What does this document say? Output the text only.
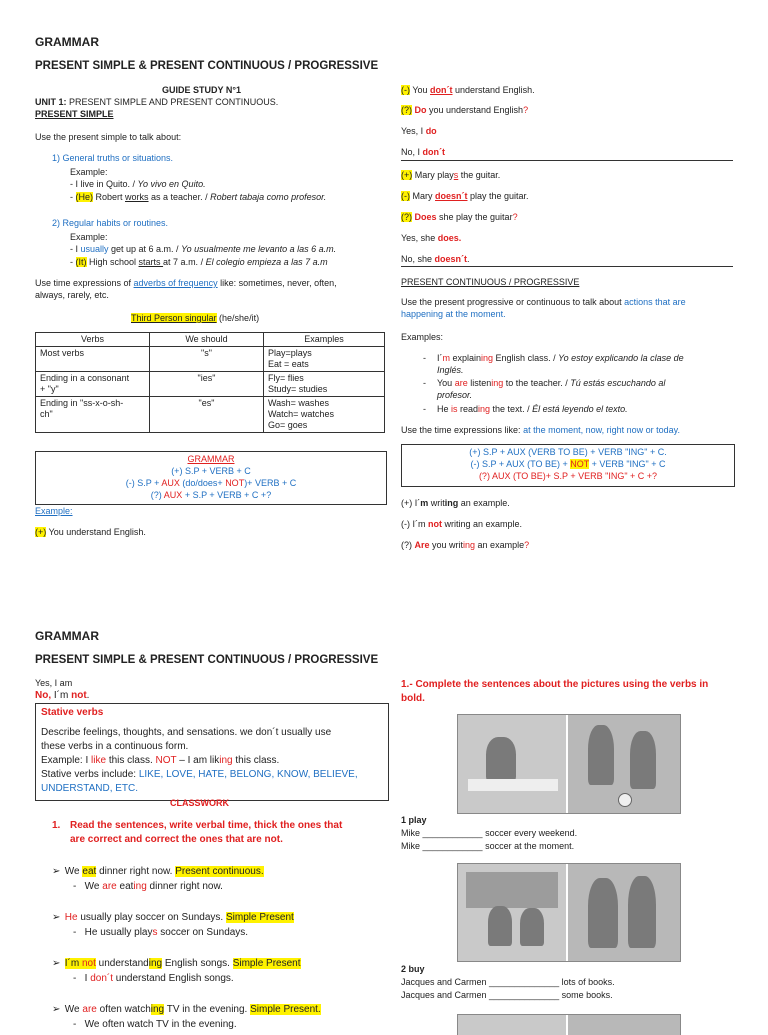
GRAMMAR
PRESENT SIMPLE & PRESENT CONTINUOUS / PROGRESSIVE
GUIDE STUDY N°1
UNIT 1: PRESENT SIMPLE AND PRESENT CONTINUOUS.
PRESENT SIMPLE
Use the present simple to talk about:
1) General truths or situations.
Example:
- I live in Quito. / Yo vivo en Quito.
- (He) Robert works as a teacher. / Robert tabaja como profesor.
2) Regular habits or routines.
Example:
- I usually get up at 6 a.m. / Yo usualmente me levanto a las 6 a.m.
- (It) High school starts at 7 a.m. / El colegio empieza a las 7 a.m
Use time expressions of adverbs of frequency like: sometimes, never, often,
always, rarely, etc.
Third Person singular (he/she/it)
Verbs	We should	Examples
Most verbs	"s"	Play=plays
Eat = eats
Ending in a consonant
+ "y"	"ies"	Fly= flies
Study= studies
Ending in "ss-x-o-sh-
ch"	"es"	Wash= washes
Watch= watches
Go= goes
GRAMMAR
(+) S.P + VERB + C
(-) S.P + AUX (do/does+ NOT)+ VERB + C
(?) AUX + S.P + VERB + C +?
Example:
(+) You understand English.
(-) You don´t understand English.
(?) Do you understand English?
Yes, I do
No, I don´t
(+) Mary plays the guitar.
(-) Mary doesn´t play the guitar.
(?) Does she play the guitar?
Yes, she does.
No, she doesn´t.
PRESENT CONTINUOUS / PROGRESSIVE
Use the present progressive or continuous to talk about actions that are
happening at the moment.
Examples:
- I´m explaining English class. / Yo estoy explicando la clase de
Inglés.
- You are listening to the teacher. / Tú estás escuchando al
profesor.
- He is reading the text. / Él está leyendo el texto.
Use the time expressions like: at the moment, now, right now or today.
(+) S.P + AUX (VERB TO BE) + VERB "ING" + C.
(-) S.P + AUX (TO BE) + NOT + VERB "ING" + C
(?) AUX (TO BE)+ S.P + VERB "ING" + C +?
(+) I´m writing an example.
(-) I´m not writing an example.
(?) Are you writing an example?
GRAMMAR
PRESENT SIMPLE & PRESENT CONTINUOUS / PROGRESSIVE
Yes, I am
No, I´m not.
Stative verbs
Describe feelings, thoughts, and sensations. we don´t usually use
these verbs in a continuous form.
Example: I like this class. NOT – I am liking this class.
Stative verbs include: LIKE, LOVE, HATE, BELONG, KNOW, BELIEVE,
UNDERSTAND, ETC.
CLASSWORK
1. Read the sentences, write verbal time, thick the ones that
are correct and correct the ones that are not.
➢ We eat dinner right now. Present continuous.
-   We are eating dinner right now.
➢ He usually play soccer on Sundays. Simple Present
-   He usually plays soccer on Sundays.
➢ I´m not understanding English songs. Simple Present
-   I don´t understand English songs.
➢ We are often watching TV in the evening. Simple Present.
-   We often watch TV in the evening.
1.- Complete the sentences about the pictures using the verbs in
bold.
1 play
Mike ____________ soccer every weekend.
Mike ____________ soccer at the moment.
2 buy
Jacques and Carmen ______________ lots of books.
Jacques and Carmen ______________ some books.
